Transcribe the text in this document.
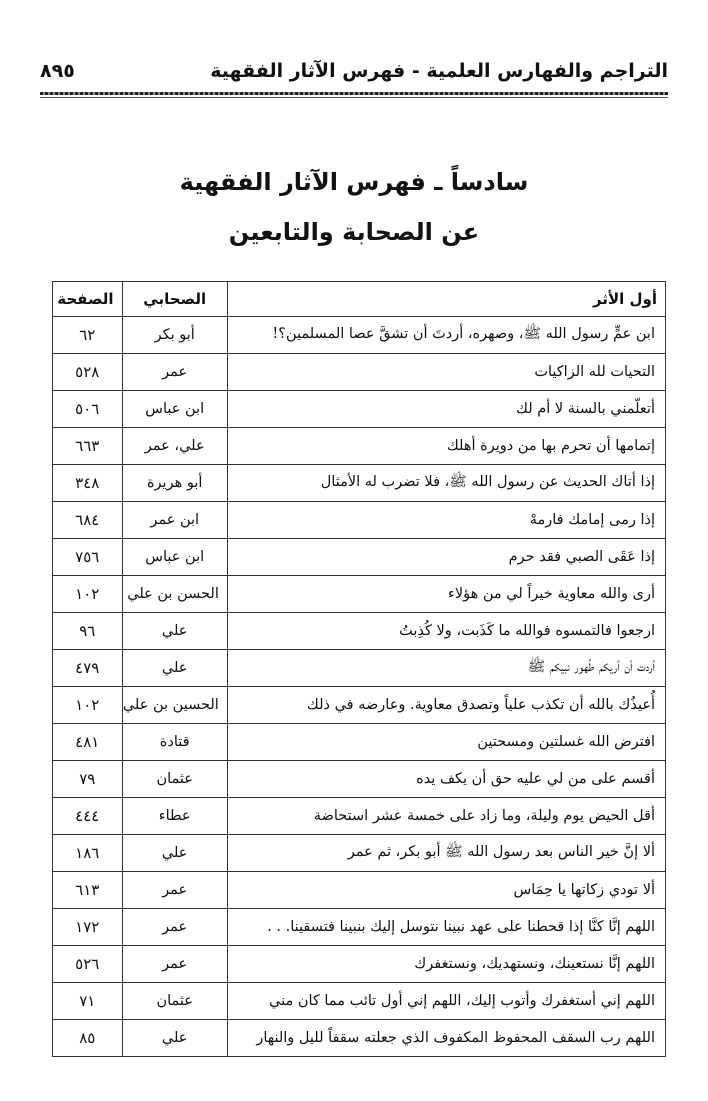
التراجم والفهارس العلمية - فهرس الآثار الفقهية
٨٩٥
سادساً ـ فهرس الآثار الفقهية
عن الصحابة والتابعين
أول الأثر	الصحابي	الصفحة
ابن عمٍّ رسول الله ﷺ، وصهره، أردتَ أن تشقَّ عصا المسلمين؟!	أبو بكر	٦٢
التحيات لله الزاكيات	عمر	٥٢٨
أتعلّمني بالسنة لا أم لك	ابن عباس	٥٠٦
إتمامها أن تحرم بها من دويرة أهلك	علي، عمر	٦٦٣
إذا أتاك الحديث عن رسول الله ﷺ، فلا تضرب له الأمثال	أبو هريرة	٣٤٨
إذا رمى إمامك فارمهْ	ابن عمر	٦٨٤
إذا عَقَى الصبي فقد حرم	ابن عباس	٧٥٦
أرى والله معاوية خيراً لي من هؤلاء	الحسن بن علي	١٠٢
ارجعوا فالتمسوه فوالله ما كَذَبت، ولا كُذِبتُ	علي	٩٦
أردت أن أريكم طُهور نبيكم ﷺ	علي	٤٧٩
أُعيذُك بالله أن تكذب علياً وتصدق معاوية. وعارضه في ذلك	الحسين بن علي	١٠٢
افترض الله غسلتين ومسحتين	قتادة	٤٨١
أقسم على من لي عليه حق أن يكف يده	عثمان	٧٩
أقل الحيض يوم وليلة، وما زاد على خمسة عشر استحاضة	عطاء	٤٤٤
ألا إنَّ خير الناس بعد رسول الله ﷺ أبو بكر، ثم عمر	علي	١٨٦
ألا تودي زكاتها يا حِمَاس	عمر	٦١٣
اللهم إنَّا كنَّا إذا قحطنا على عهد نبينا نتوسل إليك بنبينا فتسقينا. . .	عمر	١٧٢
اللهم إنَّا نستعينك، ونستهديك، ونستغفرك	عمر	٥٢٦
اللهم إني أستغفرك وأتوب إليك، اللهم إني أول تائب مما كان مني	عثمان	٧١
اللهم رب السقف المحفوظ المكفوف الذي جعلته سقفاً لليل والنهار	علي	٨٥
